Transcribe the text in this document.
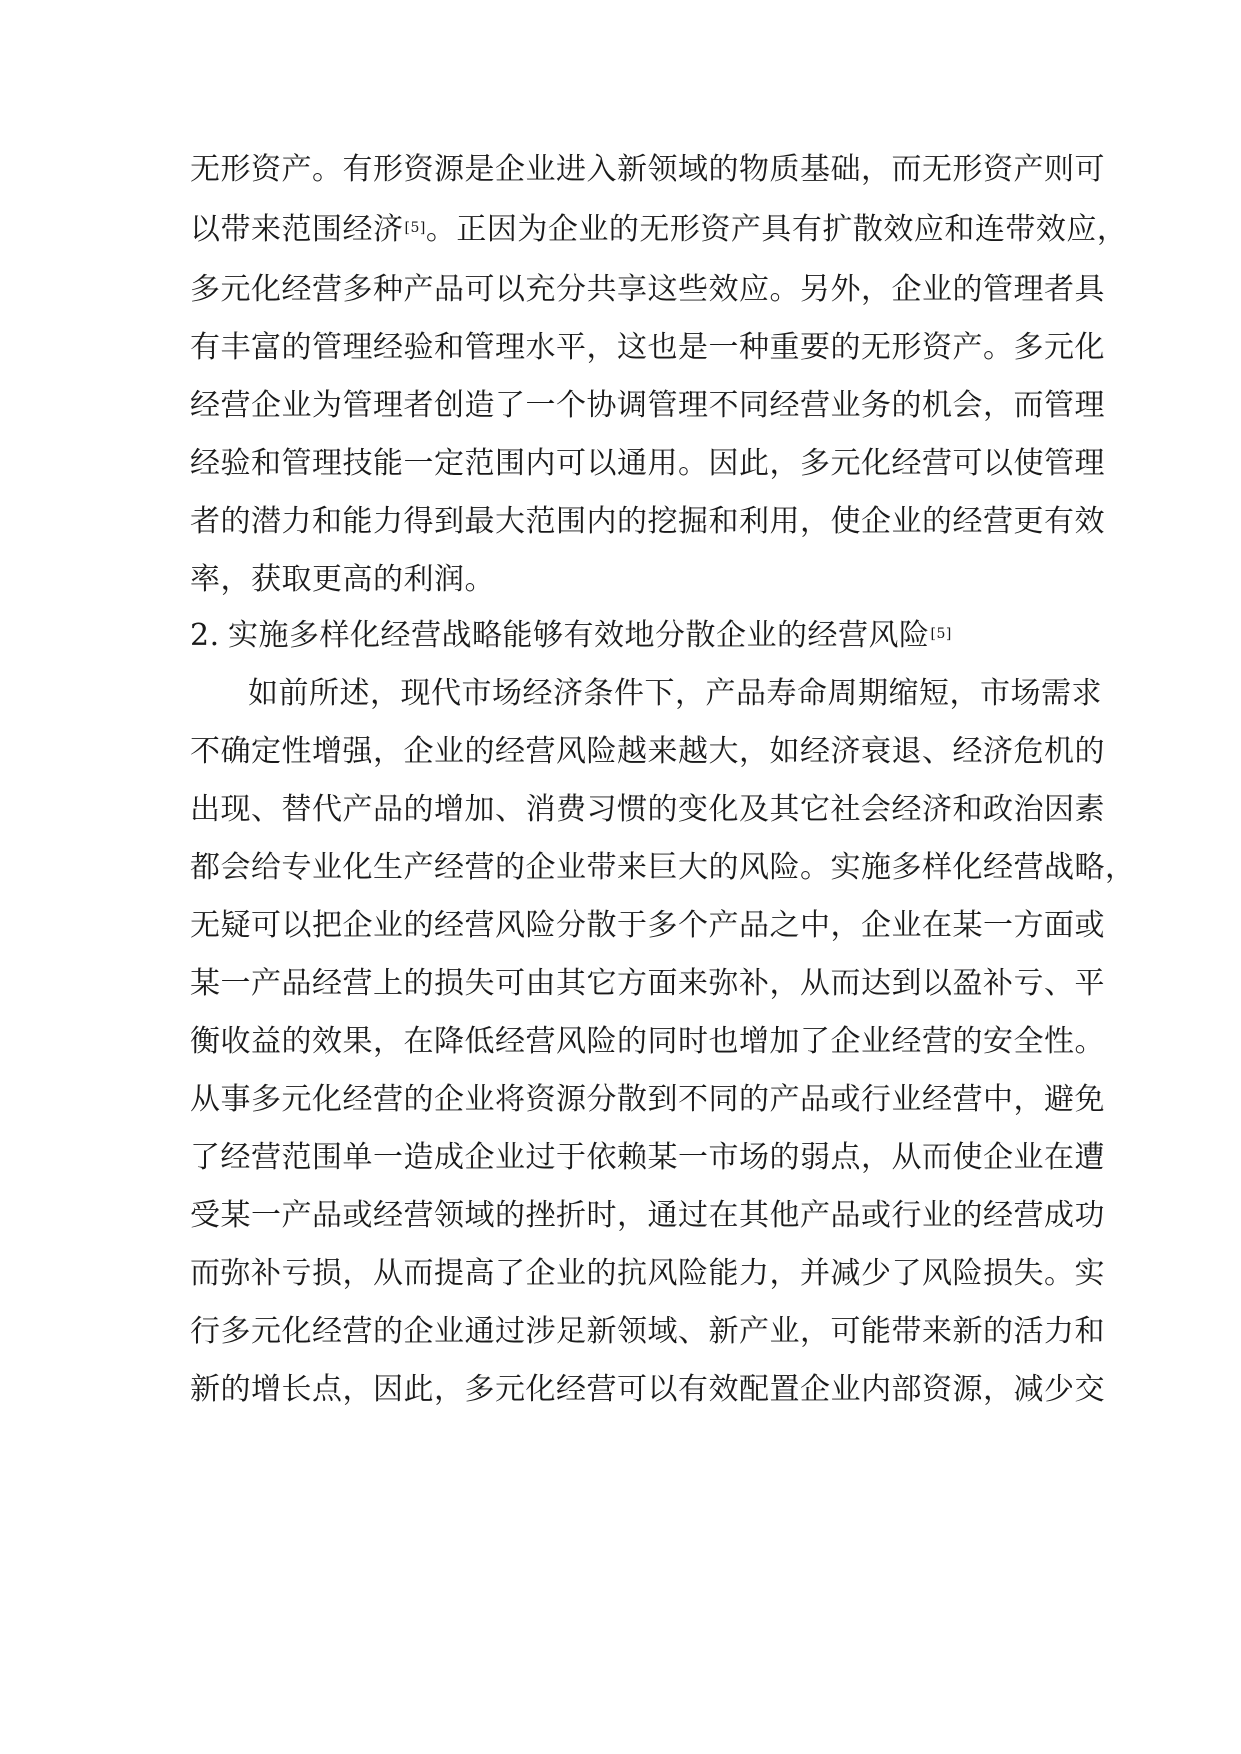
无形资产。有形资源是企业进入新领域的物质基础，而无形资产则可
以带来范围经济[5]。正因为企业的无形资产具有扩散效应和连带效应，
多元化经营多种产品可以充分共享这些效应。另外，企业的管理者具
有丰富的管理经验和管理水平，这也是一种重要的无形资产。多元化
经营企业为管理者创造了一个协调管理不同经营业务的机会，而管理
经验和管理技能一定范围内可以通用。因此，多元化经营可以使管理
者的潜力和能力得到最大范围内的挖掘和利用，使企业的经营更有效
率，获取更高的利润。
2. 实施多样化经营战略能够有效地分散企业的经营风险[5]
如前所述，现代市场经济条件下，产品寿命周期缩短，市场需求
不确定性增强，企业的经营风险越来越大，如经济衰退、经济危机的
出现、替代产品的增加、消费习惯的变化及其它社会经济和政治因素
都会给专业化生产经营的企业带来巨大的风险。实施多样化经营战略，
无疑可以把企业的经营风险分散于多个产品之中，企业在某一方面或
某一产品经营上的损失可由其它方面来弥补，从而达到以盈补亏、平
衡收益的效果，在降低经营风险的同时也增加了企业经营的安全性。
从事多元化经营的企业将资源分散到不同的产品或行业经营中，避免
了经营范围单一造成企业过于依赖某一市场的弱点，从而使企业在遭
受某一产品或经营领域的挫折时，通过在其他产品或行业的经营成功
而弥补亏损，从而提高了企业的抗风险能力，并减少了风险损失。实
行多元化经营的企业通过涉足新领域、新产业，可能带来新的活力和
新的增长点，因此，多元化经营可以有效配置企业内部资源，减少交
